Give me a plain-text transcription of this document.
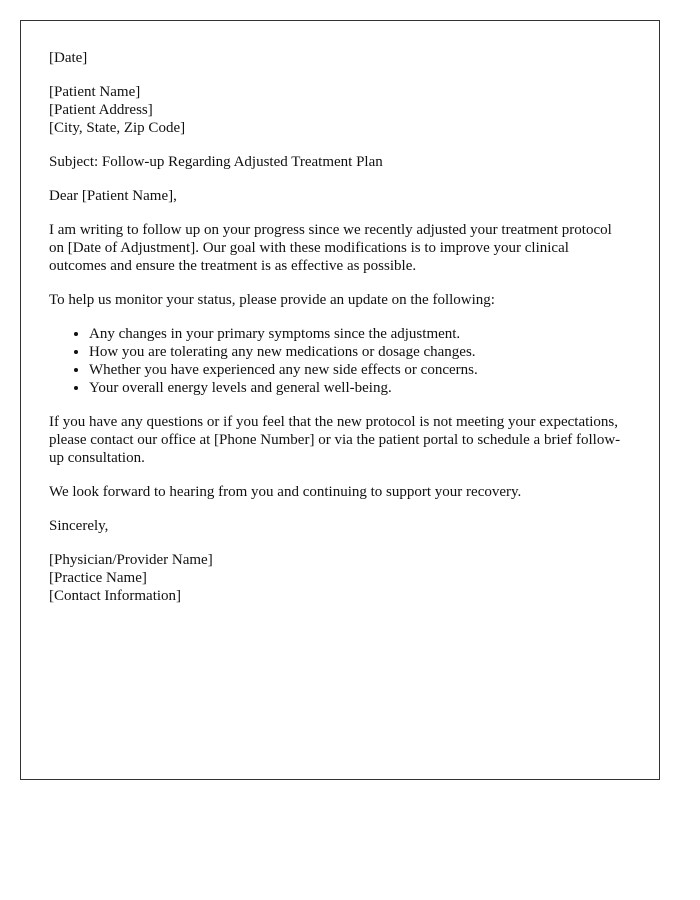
[Date]

[Patient Name]
[Patient Address]
[City, State, Zip Code]

Subject: Follow-up Regarding Adjusted Treatment Plan

Dear [Patient Name],

I am writing to follow up on your progress since we recently adjusted your treatment protocol on [Date of Adjustment]. Our goal with these modifications is to improve your clinical outcomes and ensure the treatment is as effective as possible.

To help us monitor your status, please provide an update on the following:

• Any changes in your primary symptoms since the adjustment.
• How you are tolerating any new medications or dosage changes.
• Whether you have experienced any new side effects or concerns.
• Your overall energy levels and general well-being.

If you have any questions or if you feel that the new protocol is not meeting your expectations, please contact our office at [Phone Number] or via the patient portal to schedule a brief follow-up consultation.

We look forward to hearing from you and continuing to support your recovery.

Sincerely,

[Physician/Provider Name]
[Practice Name]
[Contact Information]
